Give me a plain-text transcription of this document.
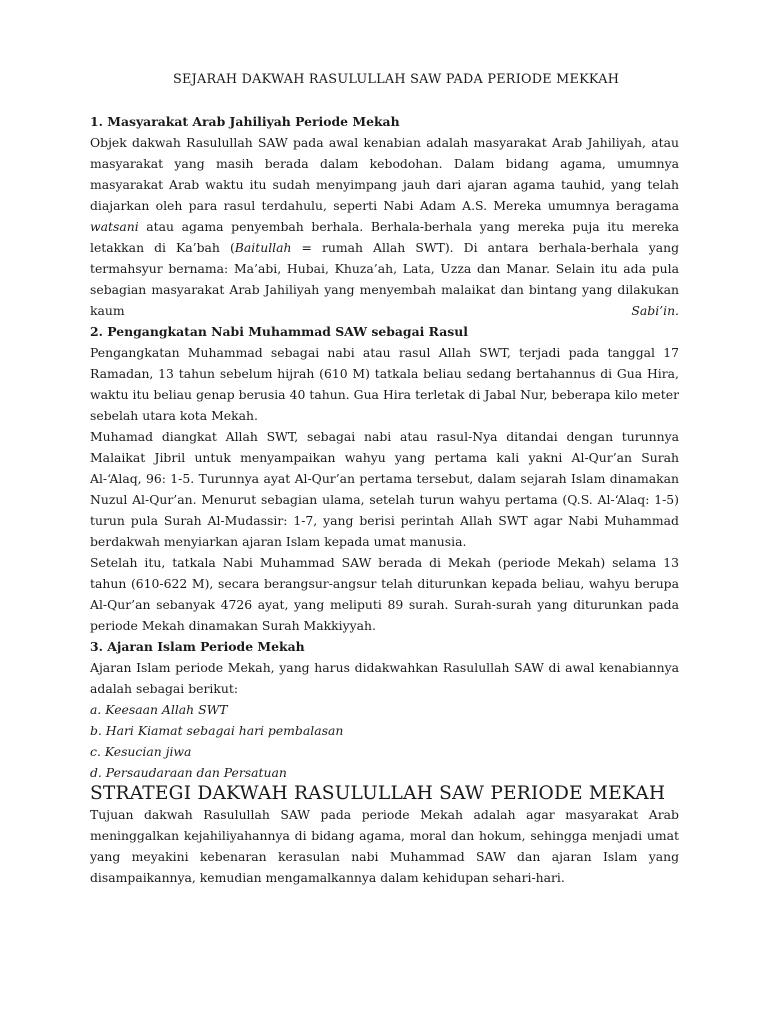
SEJARAH DAKWAH RASULULLAH SAW PADA PERIODE MEKKAH
1. Masyarakat Arab Jahiliyah Periode Mekah

Objek dakwah Rasulullah SAW pada awal kenabian adalah masyarakat Arab Jahiliyah, atau masyarakat yang masih berada dalam kebodohan. Dalam bidang agama, umumnya masyarakat Arab waktu itu sudah menyimpang jauh dari ajaran agama tauhid, yang telah diajarkan oleh para rasul terdahulu, seperti Nabi Adam A.S. Mereka umumnya beragama watsani atau agama penyembah berhala. Berhala-berhala yang mereka puja itu mereka letakkan di Ka’bah (Baitullah = rumah Allah SWT). Di antara berhala-berhala yang termahsyur bernama: Ma’abi, Hubai, Khuza’ah, Lata, Uzza dan Manar. Selain itu ada pula sebagian masyarakat Arab Jahiliyah yang menyembah malaikat dan bintang yang dilakukan kaum Sabi’in.

2. Pengangkatan Nabi Muhammad SAW sebagai Rasul

Pengangkatan Muhammad sebagai nabi atau rasul Allah SWT, terjadi pada tanggal 17 Ramadan, 13 tahun sebelum hijrah (610 M) tatkala beliau sedang bertahannus di Gua Hira, waktu itu beliau genap berusia 40 tahun. Gua Hira terletak di Jabal Nur, beberapa kilo meter sebelah utara kota Mekah.

Muhamad diangkat Allah SWT, sebagai nabi atau rasul-Nya ditandai dengan turunnya Malaikat Jibril untuk menyampaikan wahyu yang pertama kali yakni Al-Qur’an Surah Al-‘Alaq, 96: 1-5. Turunnya ayat Al-Qur’an pertama tersebut, dalam sejarah Islam dinamakan Nuzul Al-Qur’an. Menurut sebagian ulama, setelah turun wahyu pertama (Q.S. Al-‘Alaq: 1-5) turun pula Surah Al-Mudassir: 1-7, yang berisi perintah Allah SWT agar Nabi Muhammad berdakwah menyiarkan ajaran Islam kepada umat manusia.

Setelah itu, tatkala Nabi Muhammad SAW berada di Mekah (periode Mekah) selama 13 tahun (610-622 M), secara berangsur-angsur telah diturunkan kepada beliau, wahyu berupa Al-Qur’an sebanyak 4726 ayat, yang meliputi 89 surah. Surah-surah yang diturunkan pada periode Mekah dinamakan Surah Makkiyyah.

3. Ajaran Islam Periode Mekah

Ajaran Islam periode Mekah, yang harus didakwahkan Rasulullah SAW di awal kenabiannya adalah sebagai berikut:

a. Keesaan Allah SWT
b. Hari Kiamat sebagai hari pembalasan
c. Kesucian jiwa
d. Persaudaraan dan Persatuan
STRATEGI DAKWAH RASULULLAH SAW PERIODE MEKAH

Tujuan dakwah Rasulullah SAW pada periode Mekah adalah agar masyarakat Arab meninggalkan kejahiliyahannya di bidang agama, moral dan hokum, sehingga menjadi umat yang meyakini kebenaran kerasulan nabi Muhammad SAW dan ajaran Islam yang disampaikannya, kemudian mengamalkannya dalam kehidupan sehari-hari.
